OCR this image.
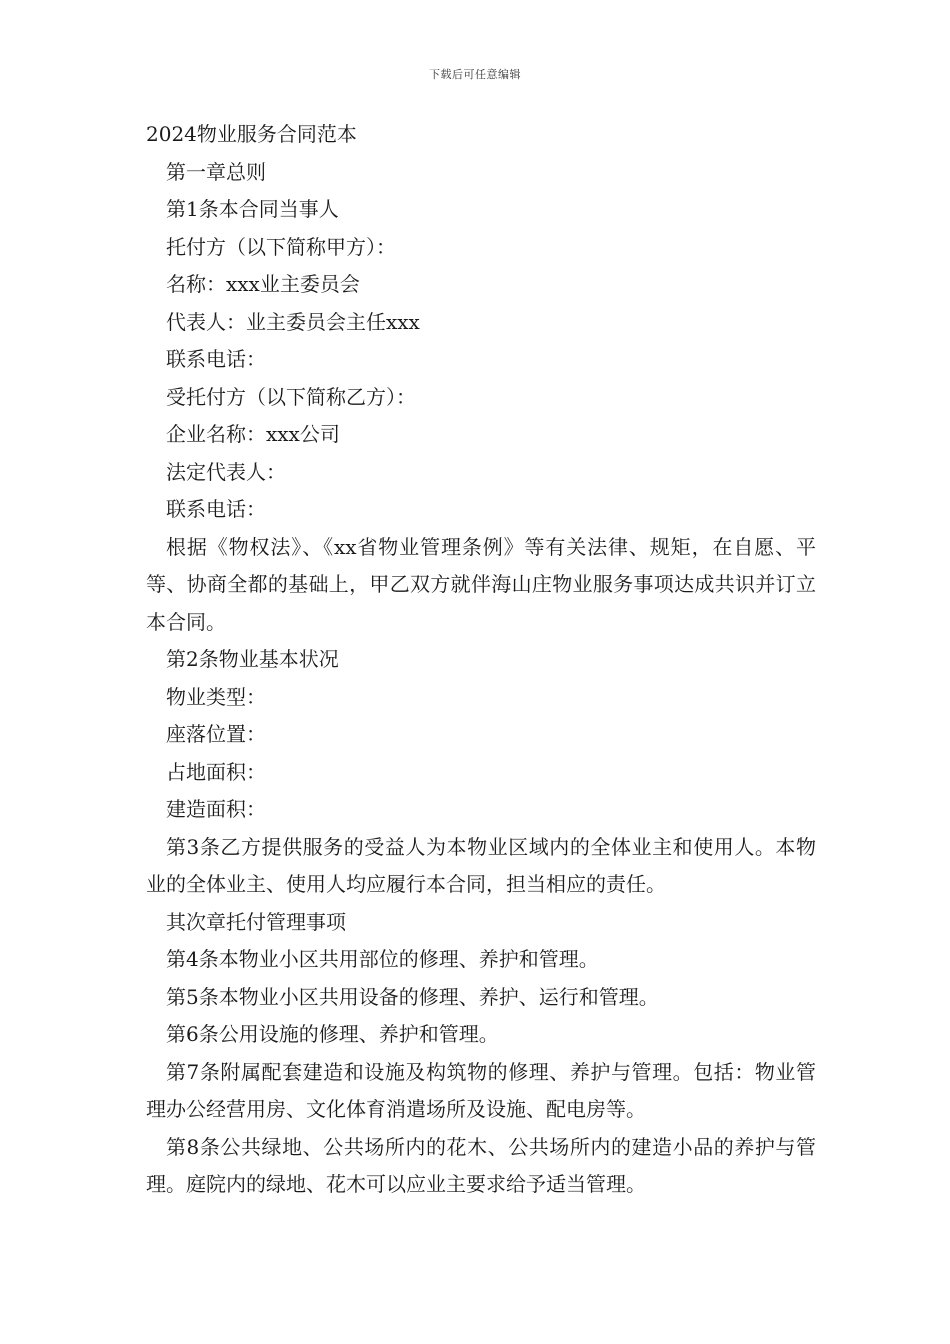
下载后可任意编辑

2024物业服务合同范本

第一章总则

第1条本合同当事人

托付方（以下简称甲方）：

名称：xxx业主委员会

代表人：业主委员会主任xxx

联系电话：

受托付方（以下简称乙方）：

企业名称：xxx公司

法定代表人：

联系电话：

根据《物权法》、《xx省物业管理条例》等有关法律、规矩，在自愿、平等、协商全都的基础上，甲乙双方就伴海山庄物业服务事项达成共识并订立本合同。

第2条物业基本状况

物业类型：

座落位置：

占地面积：

建造面积：

第3条乙方提供服务的受益人为本物业区域内的全体业主和使用人。本物业的全体业主、使用人均应履行本合同，担当相应的责任。

其次章托付管理事项

第4条本物业小区共用部位的修理、养护和管理。

第5条本物业小区共用设备的修理、养护、运行和管理。

第6条公用设施的修理、养护和管理。

第7条附属配套建造和设施及构筑物的修理、养护与管理。包括：物业管理办公经营用房、文化体育消遣场所及设施、配电房等。

第8条公共绿地、公共场所内的花木、公共场所内的建造小品的养护与管理。庭院内的绿地、花木可以应业主要求给予适当管理。
